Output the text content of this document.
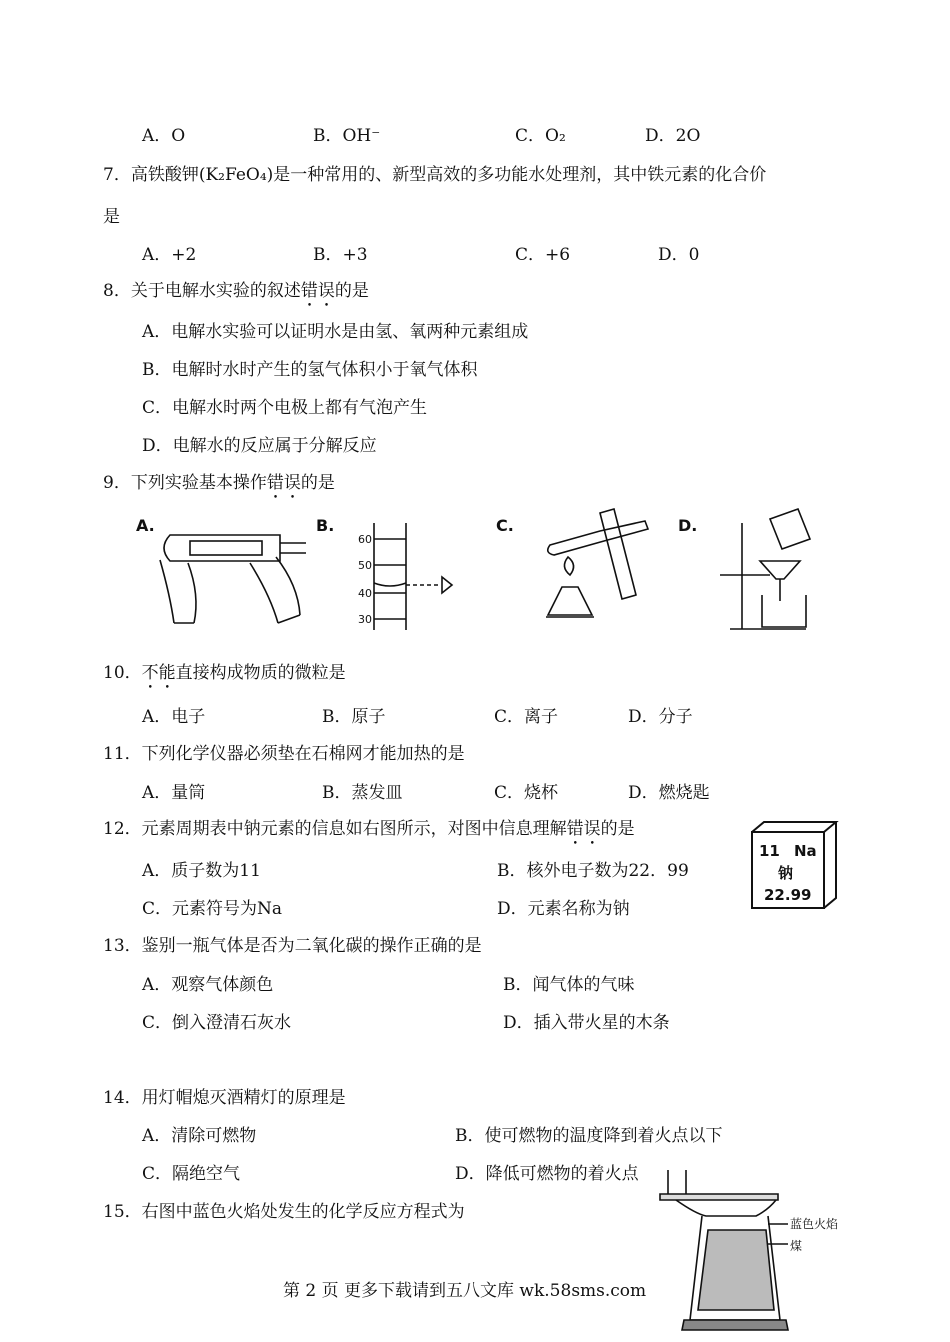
A．O	B．OH⁻	C．O₂	D．2O
7．高铁酸钾(K₂FeO₄)是一种常用的、新型高效的多功能水处理剂，其中铁元素的化合价
是
A．+2	B．+3	C．+6	D．0
8．关于电解水实验的叙述错误的是
A．电解水实验可以证明水是由氢、氧两种元素组成
B．电解时水时产生的氢气体积小于氧气体积
C．电解水时两个电极上都有气泡产生
D．电解水的反应属于分解反应
9．下列实验基本操作错误的是
A.	B.
60
50
40
30
C.	D.
10．不能直接构成物质的微粒是
A．电子	B．原子	C．离子	D．分子
11．下列化学仪器必须垫在石棉网才能加热的是
A．量筒	B．蒸发皿	C．烧杯	D．燃烧匙
12．元素周期表中钠元素的信息如右图所示，对图中信息理解错误的是
A．质子数为11	B．核外电子数为22．99
C．元素符号为Na	D．元素名称为钠
11 Na
钠
22.99
13．鉴别一瓶气体是否为二氧化碳的操作正确的是
A．观察气体颜色	B．闻气体的气味
C．倒入澄清石灰水	D．插入带火星的木条
14．用灯帽熄灭酒精灯的原理是
A．清除可燃物	B．使可燃物的温度降到着火点以下
C．隔绝空气	D．降低可燃物的着火点
15．右图中蓝色火焰处发生的化学反应方程式为
蓝色火焰
煤
第 2 页 更多下载请到五八文库 wk.58sms.com
